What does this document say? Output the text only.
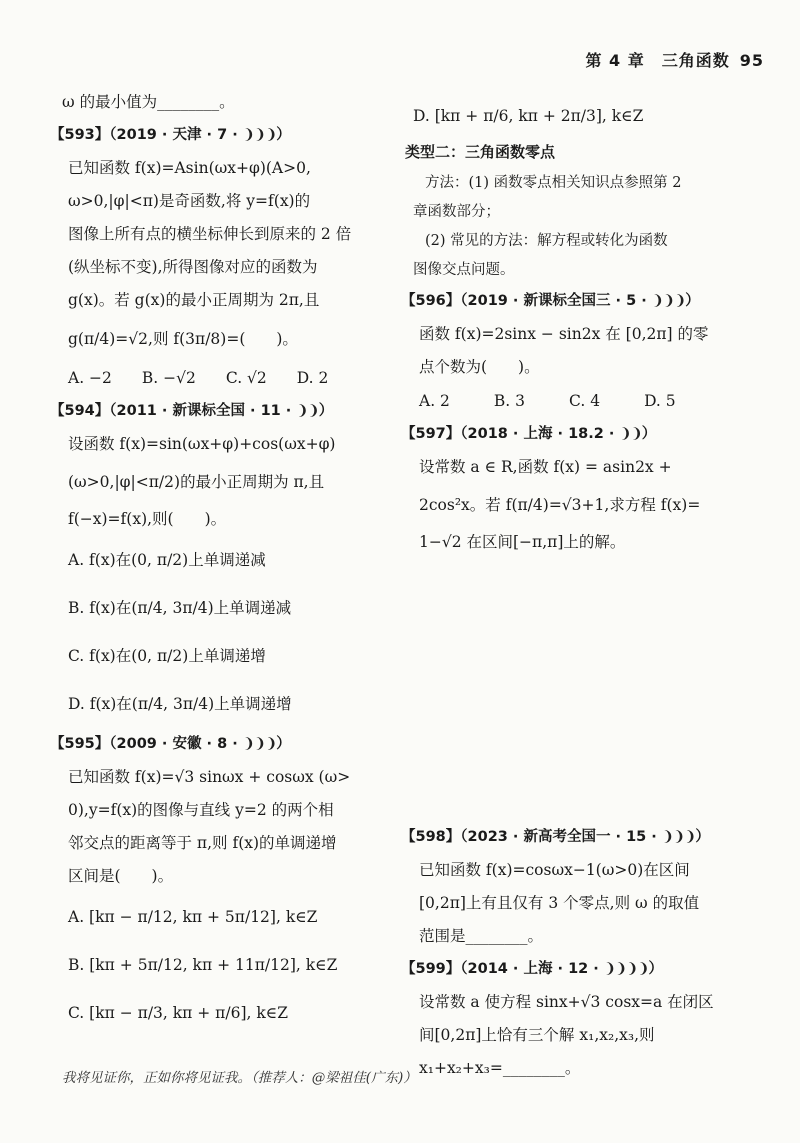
第 4 章　三角函数 95
ω 的最小值为________。
【593】（2019 · 天津 · 7 · ❩❩❩）
已知函数 f(x)=Asin(ωx+φ)(A>0,
ω>0,|φ|<π)是奇函数,将 y=f(x)的
图像上所有点的横坐标伸长到原来的 2 倍
(纵坐标不变),所得图像对应的函数为
g(x)。若 g(x)的最小正周期为 2π,且
g(π/4)=√2,则 f(3π/8)=(　　)。
A. −2 B. −√2 C. √2 D. 2
【594】（2011 · 新课标全国 · 11 · ❩❩）
设函数 f(x)=sin(ωx+φ)+cos(ωx+φ)
(ω>0,|φ|<π/2)的最小正周期为 π,且
f(−x)=f(x),则(　　)。
A. f(x)在(0, π/2)上单调递减
B. f(x)在(π/4, 3π/4)上单调递减
C. f(x)在(0, π/2)上单调递增
D. f(x)在(π/4, 3π/4)上单调递增
【595】（2009 · 安徽 · 8 · ❩❩❩）
已知函数 f(x)=√3 sinωx + cosωx (ω>
0),y=f(x)的图像与直线 y=2 的两个相
邻交点的距离等于 π,则 f(x)的单调递增
区间是(　　)。
A. [kπ − π/12, kπ + 5π/12], k∈Z
B. [kπ + 5π/12, kπ + 11π/12], k∈Z
C. [kπ − π/3, kπ + π/6], k∈Z
D. [kπ + π/6, kπ + 2π/3], k∈Z
类型二：三角函数零点
方法：(1) 函数零点相关知识点参照第 2
章函数部分；
(2) 常见的方法：解方程或转化为函数
图像交点问题。
【596】（2019 · 新课标全国三 · 5 · ❩❩❩）
函数 f(x)=2sinx − sin2x 在 [0,2π] 的零
点个数为(　　)。
A. 2	B. 3	C. 4	D. 5
【597】（2018 · 上海 · 18.2 · ❩❩）
设常数 a ∈ R,函数 f(x) = asin2x +
2cos²x。若 f(π/4)=√3+1,求方程 f(x)=
1−√2 在区间[−π,π]上的解。
【598】（2023 · 新高考全国一 · 15 · ❩❩❩）
已知函数 f(x)=cosωx−1(ω>0)在区间
[0,2π]上有且仅有 3 个零点,则 ω 的取值
范围是________。
【599】（2014 · 上海 · 12 · ❩❩❩❩）
设常数 a 使方程 sinx+√3 cosx=a 在闭区
间[0,2π]上恰有三个解 x₁,x₂,x₃,则
x₁+x₂+x₃=________。
我将见证你，正如你将见证我。（推荐人：@梁祖佳(广东)）
